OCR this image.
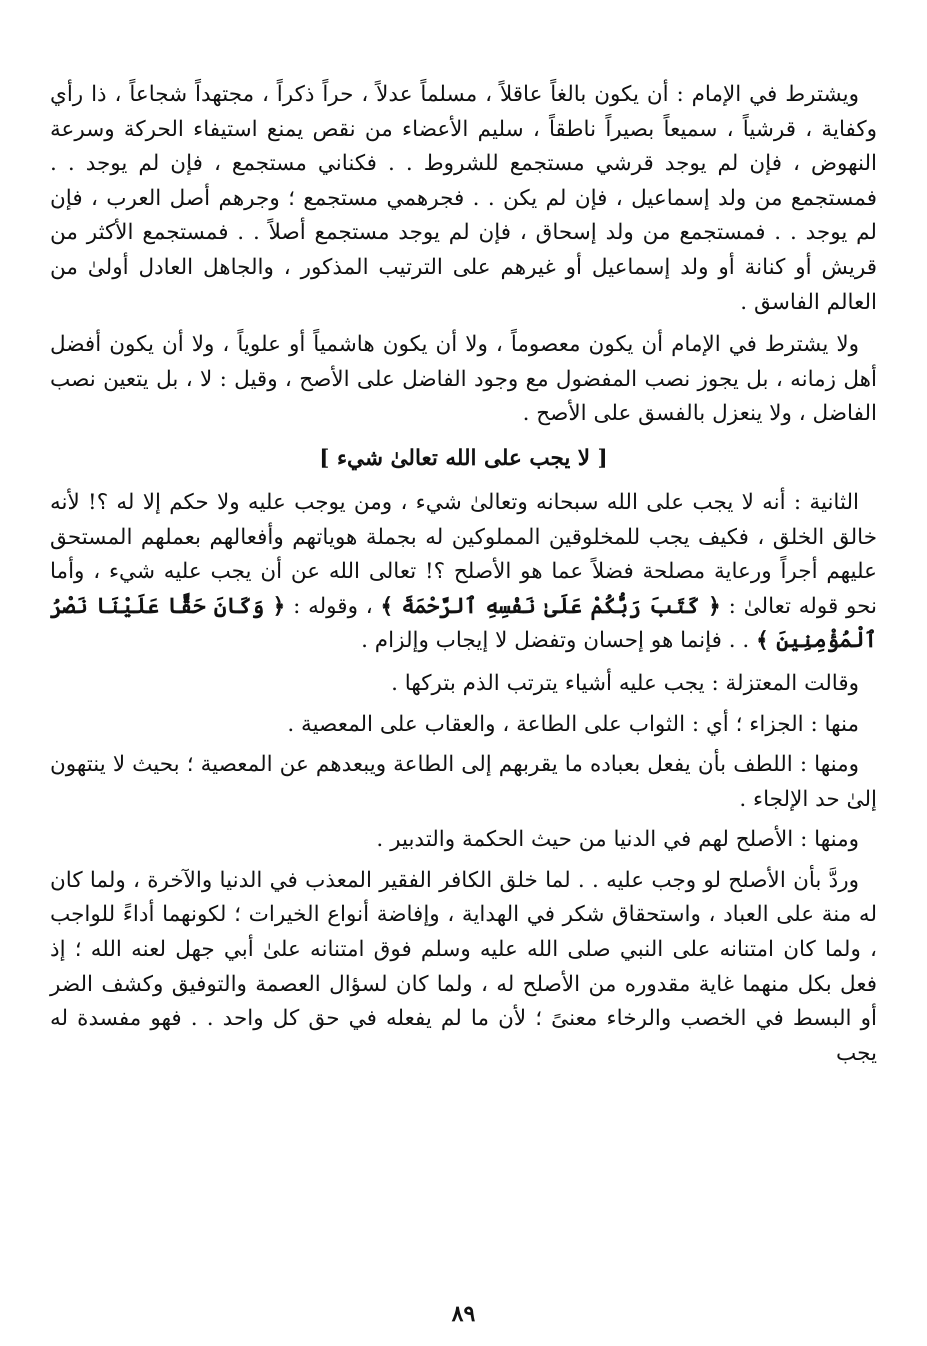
ويشترط في الإمام : أن يكون بالغاً عاقلاً ، مسلماً عدلاً ، حراً ذكراً ، مجتهداً شجاعاً ، ذا رأي وكفاية ، قرشياً ، سميعاً بصيراً ناطقاً ، سليم الأعضاء من نقص يمنع استيفاء الحركة وسرعة النهوض ، فإن لم يوجد قرشي مستجمع للشروط . . فكناني مستجمع ، فإن لم يوجد . . فمستجمع من ولد إسماعيل ، فإن لم يكن . . فجرهمي مستجمع ؛ وجرهم أصل العرب ، فإن لم يوجد . . فمستجمع من ولد إسحاق ، فإن لم يوجد مستجمع أصلاً . . فمستجمع الأكثر من قريش أو كنانة أو ولد إسماعيل أو غيرهم على الترتيب المذكور ، والجاهل العادل أولىٰ من العالم الفاسق .

ولا يشترط في الإمام أن يكون معصوماً ، ولا أن يكون هاشمياً أو علوياً ، ولا أن يكون أفضل أهل زمانه ، بل يجوز نصب المفضول مع وجود الفاضل على الأصح ، وقيل : لا ، بل يتعين نصب الفاضل ، ولا ينعزل بالفسق على الأصح .

[ لا يجب على الله تعالىٰ شيء ]

الثانية : أنه لا يجب على الله سبحانه وتعالىٰ شيء ، ومن يوجب عليه ولا حكم إلا له ؟! لأنه خالق الخلق ، فكيف يجب للمخلوقين المملوكين له بجملة هوياتهم وأفعالهم بعملهم المستحق عليهم أجراً ورعاية مصلحة فضلاً عما هو الأصلح ؟! تعالى الله عن أن يجب عليه شيء ، وأما نحو قوله تعالىٰ : ﴿ كَتَبَ رَبُّكُمْ عَلَىٰ نَفْسِهِ ٱلرَّحْمَةَ ﴾ ، وقوله : ﴿ وَكَانَ حَقًّا عَلَيْنَا نَصْرُ ٱلْمُؤْمِنِينَ ﴾ . . فإنما هو إحسان وتفضل لا إيجاب وإلزام .

وقالت المعتزلة : يجب عليه أشياء يترتب الذم بتركها .

منها : الجزاء ؛ أي : الثواب على الطاعة ، والعقاب على المعصية .

ومنها : اللطف بأن يفعل بعباده ما يقربهم إلى الطاعة ويبعدهم عن المعصية ؛ بحيث لا ينتهون إلىٰ حد الإلجاء .

ومنها : الأصلح لهم في الدنيا من حيث الحكمة والتدبير .

وردَّ بأن الأصلح لو وجب عليه . . لما خلق الكافر الفقير المعذب في الدنيا والآخرة ، ولما كان له منة على العباد ، واستحقاق شكر في الهداية ، وإفاضة أنواع الخيرات ؛ لكونهما أداءً للواجب ، ولما كان امتنانه على النبي صلى الله عليه وسلم فوق امتنانه علىٰ أبي جهل لعنه الله ؛ إذ فعل بكل منهما غاية مقدوره من الأصلح له ، ولما كان لسؤال العصمة والتوفيق وكشف الضر أو البسط في الخصب والرخاء معنىً ؛ لأن ما لم يفعله في حق كل واحد . . فهو مفسدة له يجب

٨٩
